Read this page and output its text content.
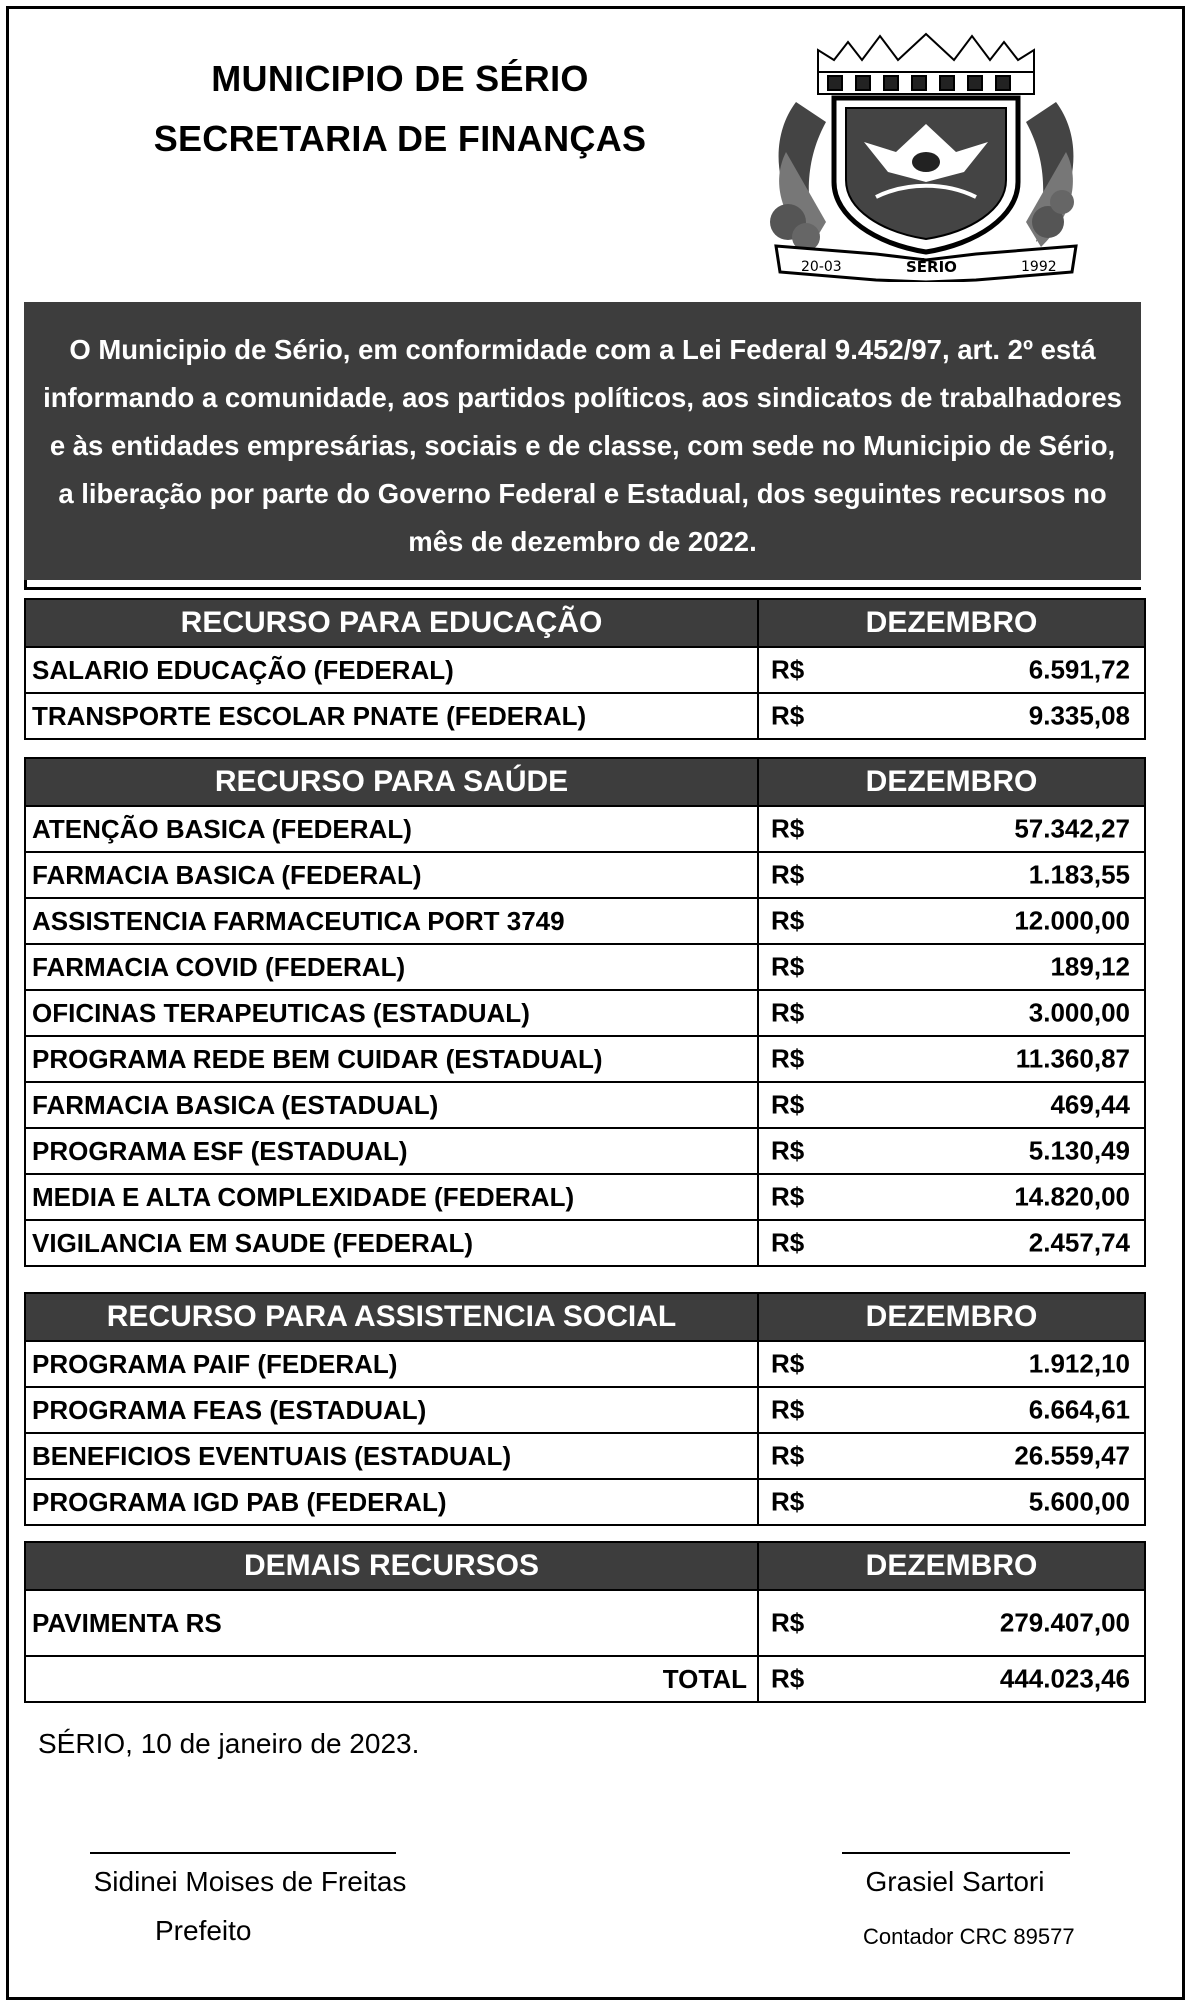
MUNICIPIO DE SÉRIO
SECRETARIA DE FINANÇAS
20-03	SÉRIO	1992
O Municipio de Sério, em conformidade com a Lei Federal 9.452/97, art. 2º está informando a comunidade, aos partidos políticos, aos sindicatos de trabalhadores e às entidades empresárias, sociais e de classe, com sede no Municipio de Sério, a liberação por parte do Governo Federal e Estadual, dos seguintes recursos no mês de dezembro de 2022.
RECURSO PARA EDUCAÇÃO	DEZEMBRO
SALARIO EDUCAÇÃO (FEDERAL)	R$ 6.591,72

TRANSPORTE ESCOLAR PNATE (FEDERAL)	R$ 9.335,08
RECURSO PARA SAÚDE	DEZEMBRO
ATENÇÃO BASICA (FEDERAL)	R$ 57.342,27

FARMACIA BASICA (FEDERAL)	R$ 1.183,55

ASSISTENCIA FARMACEUTICA PORT 3749	R$ 12.000,00

FARMACIA COVID (FEDERAL)	R$ 189,12

OFICINAS TERAPEUTICAS (ESTADUAL)	R$ 3.000,00

PROGRAMA REDE BEM CUIDAR (ESTADUAL)	R$ 11.360,87

FARMACIA BASICA (ESTADUAL)	R$ 469,44

PROGRAMA ESF (ESTADUAL)	R$ 5.130,49

MEDIA E ALTA COMPLEXIDADE (FEDERAL)	R$ 14.820,00

VIGILANCIA EM SAUDE (FEDERAL)	R$ 2.457,74
RECURSO PARA ASSISTENCIA SOCIAL	DEZEMBRO
PROGRAMA PAIF (FEDERAL)	R$ 1.912,10

PROGRAMA FEAS (ESTADUAL)	R$ 6.664,61

BENEFICIOS EVENTUAIS (ESTADUAL)	R$ 26.559,47

PROGRAMA IGD PAB (FEDERAL)	R$ 5.600,00
DEMAIS RECURSOS	DEZEMBRO
PAVIMENTA RS	R$ 279.407,00

TOTAL	R$ 444.023,46
SÉRIO, 10 de janeiro de 2023.
Sidinei Moises de Freitas
Prefeito
Grasiel Sartori
Contador CRC 89577
